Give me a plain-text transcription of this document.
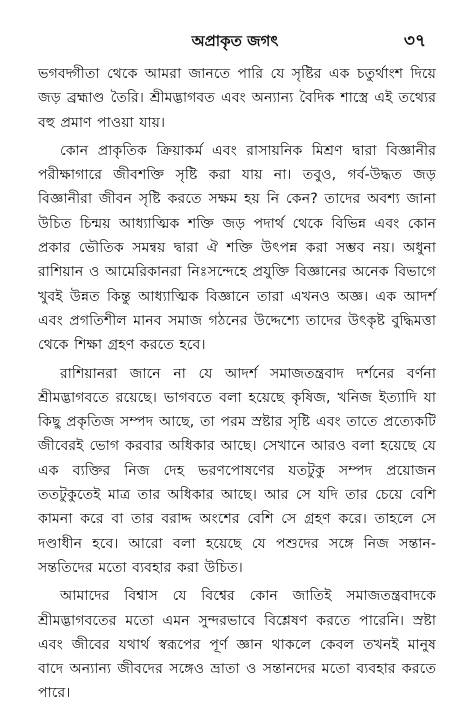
অপ্রাকৃত জগৎ	৩৭

ভগবদ্গীতা থেকে আমরা জানতে পারি যে সৃষ্টির এক চতুর্থাংশ দিয়ে জড় ব্রহ্মাণ্ড তৈরি। শ্রীমদ্ভাগবত এবং অন্যান্য বৈদিক শাস্ত্রে এই তথ্যের বহু প্রমাণ পাওয়া যায়।

কোন প্রাকৃতিক ক্রিয়াকর্ম এবং রাসায়নিক মিশ্রণ দ্বারা বিজ্ঞানীর পরীক্ষাগারে জীবশক্তি সৃষ্টি করা যায় না। তবুও, গর্ব-উদ্ধত জড় বিজ্ঞানীরা জীবন সৃষ্টি করতে সক্ষম হয় নি কেন? তাদের অবশ্য জানা উচিত চিন্ময় আধ্যাত্মিক শক্তি জড় পদার্থ থেকে বিভিন্ন এবং কোন প্রকার ভৌতিক সমন্বয় দ্বারা ঐ শক্তি উৎপন্ন করা সম্ভব নয়। অধুনা রাশিয়ান ও আমেরিকানরা নিঃসন্দেহে প্রযুক্তি বিজ্ঞানের অনেক বিভাগে খুবই উন্নত কিন্তু আধ্যাত্মিক বিজ্ঞানে তারা এখনও অজ্ঞ। এক আদর্শ এবং প্রগতিশীল মানব সমাজ গঠনের উদ্দেশ্যে তাদের উৎকৃষ্ট বুদ্ধিমত্তা থেকে শিক্ষা গ্রহণ করতে হবে।

রাশিয়ানরা জানে না যে আদর্শ সমাজতন্ত্রবাদ দর্শনের বর্ণনা শ্রীমদ্ভাগবতে রয়েছে। ভাগবতে বলা হয়েছে কৃষিজ, খনিজ ইত্যাদি যা কিছু প্রকৃতিজ সম্পদ আছে, তা পরম স্রষ্টার সৃষ্টি এবং তাতে প্রত্যেকটি জীবেরই ভোগ করবার অধিকার আছে। সেখানে আরও বলা হয়েছে যে এক ব্যক্তির নিজ দেহ ভরণপোষণের যতটুকু সম্পদ প্রয়োজন ততটুকুতেই মাত্র তার অধিকার আছে। আর সে যদি তার চেয়ে বেশি কামনা করে বা তার বরাদ্দ অংশের বেশি সে গ্রহণ করে। তাহলে সে দণ্ডাধীন হবে। আরো বলা হয়েছে যে পশুদের সঙ্গে নিজ সন্তান-সন্ততিদের মতো ব্যবহার করা উচিত।

আমাদের বিশ্বাস যে বিশ্বের কোন জাতিই সমাজতন্ত্রবাদকে শ্রীমদ্ভাগবতের মতো এমন সুন্দরভাবে বিশ্লেষণ করতে পারেনি। স্রষ্টা এবং জীবের যথার্থ স্বরূপের পূর্ণ জ্ঞান থাকলে কেবল তখনই মানুষ বাদে অন্যান্য জীবদের সঙ্গেও ভ্রাতা ও সন্তানদের মতো ব্যবহার করতে পারে।
